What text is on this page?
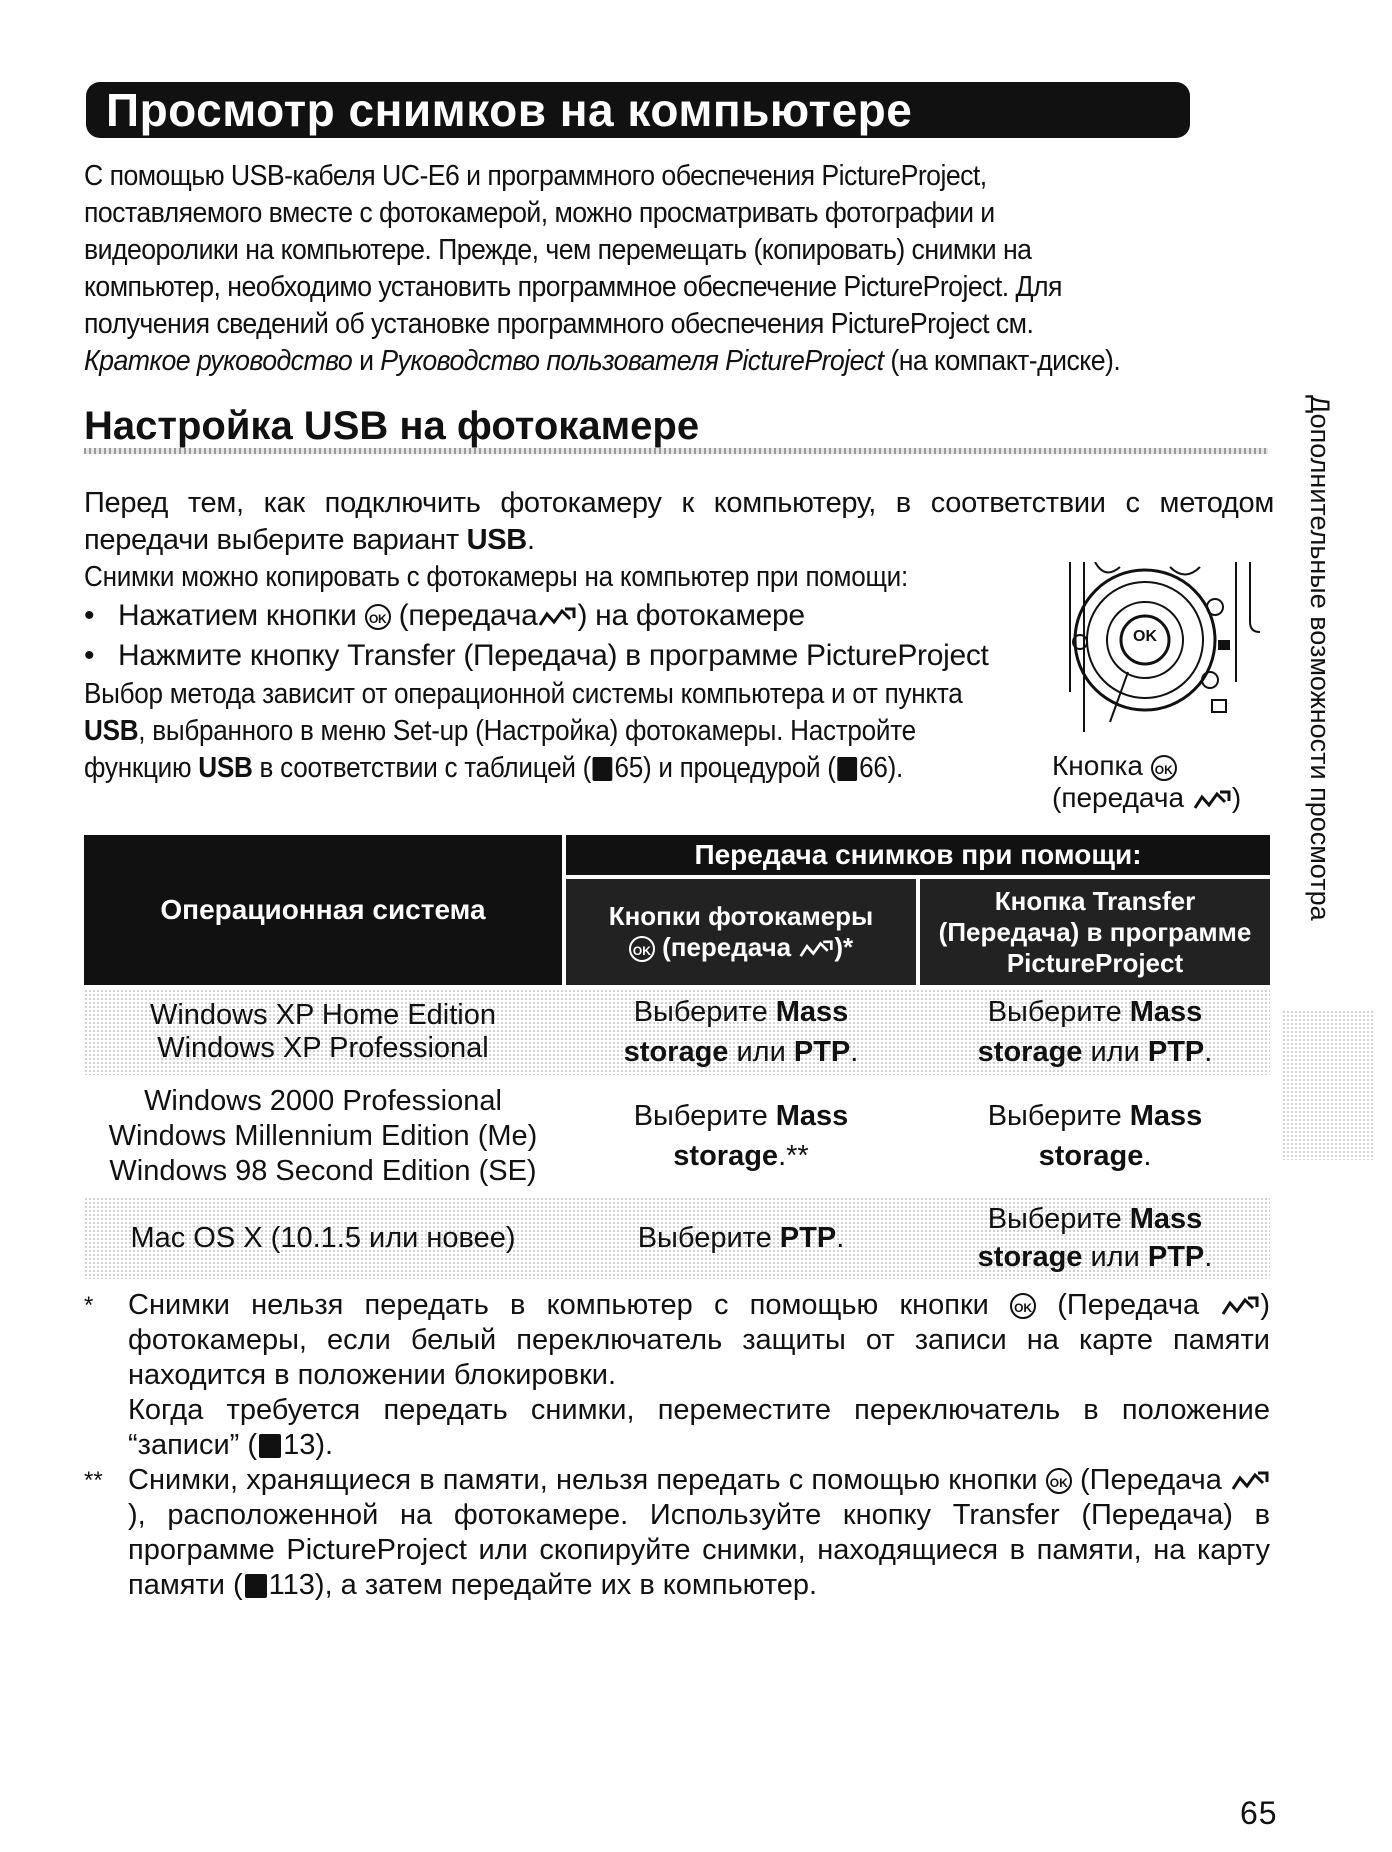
Просмотр снимков на компьютере

С помощью USB-кабеля UC-E6 и программного обеспечения PictureProject,

поставляемого вместе с фотокамерой, можно просматривать фотографии и

видеоролики на компьютере. Прежде, чем перемещать (копировать) снимки на

компьютер, необходимо установить программное обеспечение PictureProject. Для

получения сведений об установке программного обеспечения PictureProject см.

Краткое руководство и Руководство пользователя PictureProject (на компакт-диске).

Настройка USB на фотокамере

Перед тем, как подключить фотокамеру к компьютеру, в соответствии с методом

передачи выберите вариант USB.

Снимки можно копировать с фотокамеры на компьютер при помощи:

• Нажатием кнопки OK (передача ) на фотокамере

• Нажмите кнопку Transfer (Передача) в программе PictureProject

Выбор метода зависит от операционной системы компьютера и от пункта

USB, выбранного в меню Set-up (Настройка) фотокамеры. Настройте

функцию USB в соответствии с таблицей ( 65) и процедурой ( 66).

OK
Кнопка OK
(передача )
Операционная система
Передача снимков при помощи:
Кнопки фотокамеры
OK (передача )*
Кнопка Transfer
(Передача) в программе
PictureProject
Windows XP Home Edition
Windows XP Professional
Выберите Mass
storage или PTP.
Выберите Mass
storage или PTP.
Windows 2000 Professional
Windows Millennium Edition (Me)
Windows 98 Second Edition (SE)
Выберите Mass
storage.**
Выберите Mass
storage.
Mac OS X (10.1.5 или новее)	Выберите PTP.
Выберите Mass
storage или PTP.

* Снимки нельзя передать в компьютер с помощью кнопки OK (Передача ) фотокамеры, если белый переключатель защиты от записи на карте памяти находится в положении блокировки.
Когда требуется передать снимки, переместите переключатель в положение “записи” ( 13).

** Снимки, хранящиеся в памяти, нельзя передать с помощью кнопки OK (Передача ), расположенной на фотокамере. Используйте кнопку Transfer (Передача) в программе PictureProject или скопируйте снимки, находящиеся в памяти, на карту памяти ( 113), а затем передайте их в компьютер.

Дополнительные возможности просмотра
65
